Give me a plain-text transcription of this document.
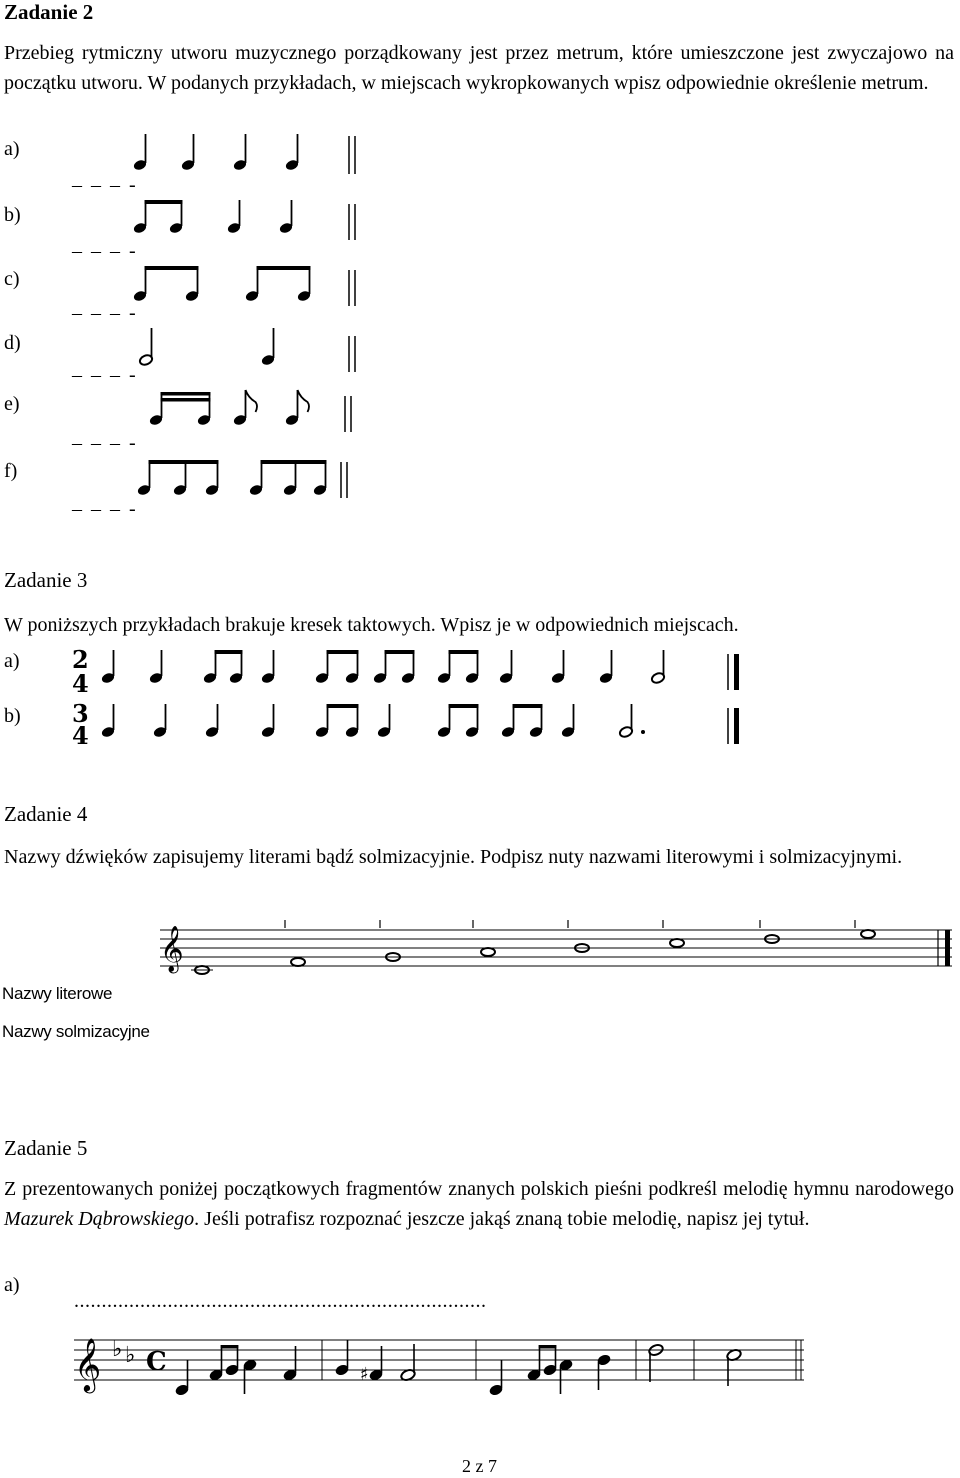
Zadanie 2
Przebieg rytmiczny utworu muzycznego porządkowany jest przez metrum, które umieszczone jest zwyczajowo na początku utworu. W podanych przykładach, w miejscach wykropkowanych wpisz odpowiednie określenie metrum.
a)
b)
c)
d)
e)
f)
– – – -
– – – -
– – – -
– – – -
– – – -
– – – -
Zadanie 3
W poniższych przykładach brakuje kresek taktowych. Wpisz je w odpowiednich miejscach.
a)
b)
2
4
3
4
Zadanie 4
Nazwy dźwięków zapisujemy literami bądź solmizacyjnie. Podpisz nuty nazwami literowymi i solmizacyjnymi.
𝄞
Nazwy literowe
Nazwy solmizacyjne
Zadanie 5
Z prezentowanych poniżej początkowych fragmentów znanych polskich pieśni podkreśl melodię hymnu narodowego Mazurek Dąbrowskiego. Jeśli potrafisz rozpoznać jeszcze jakąś znaną tobie melodię, napisz jej tytuł.
a)
...........................................................................
𝄞 ♭ ♭ C	♯
2 z 7
